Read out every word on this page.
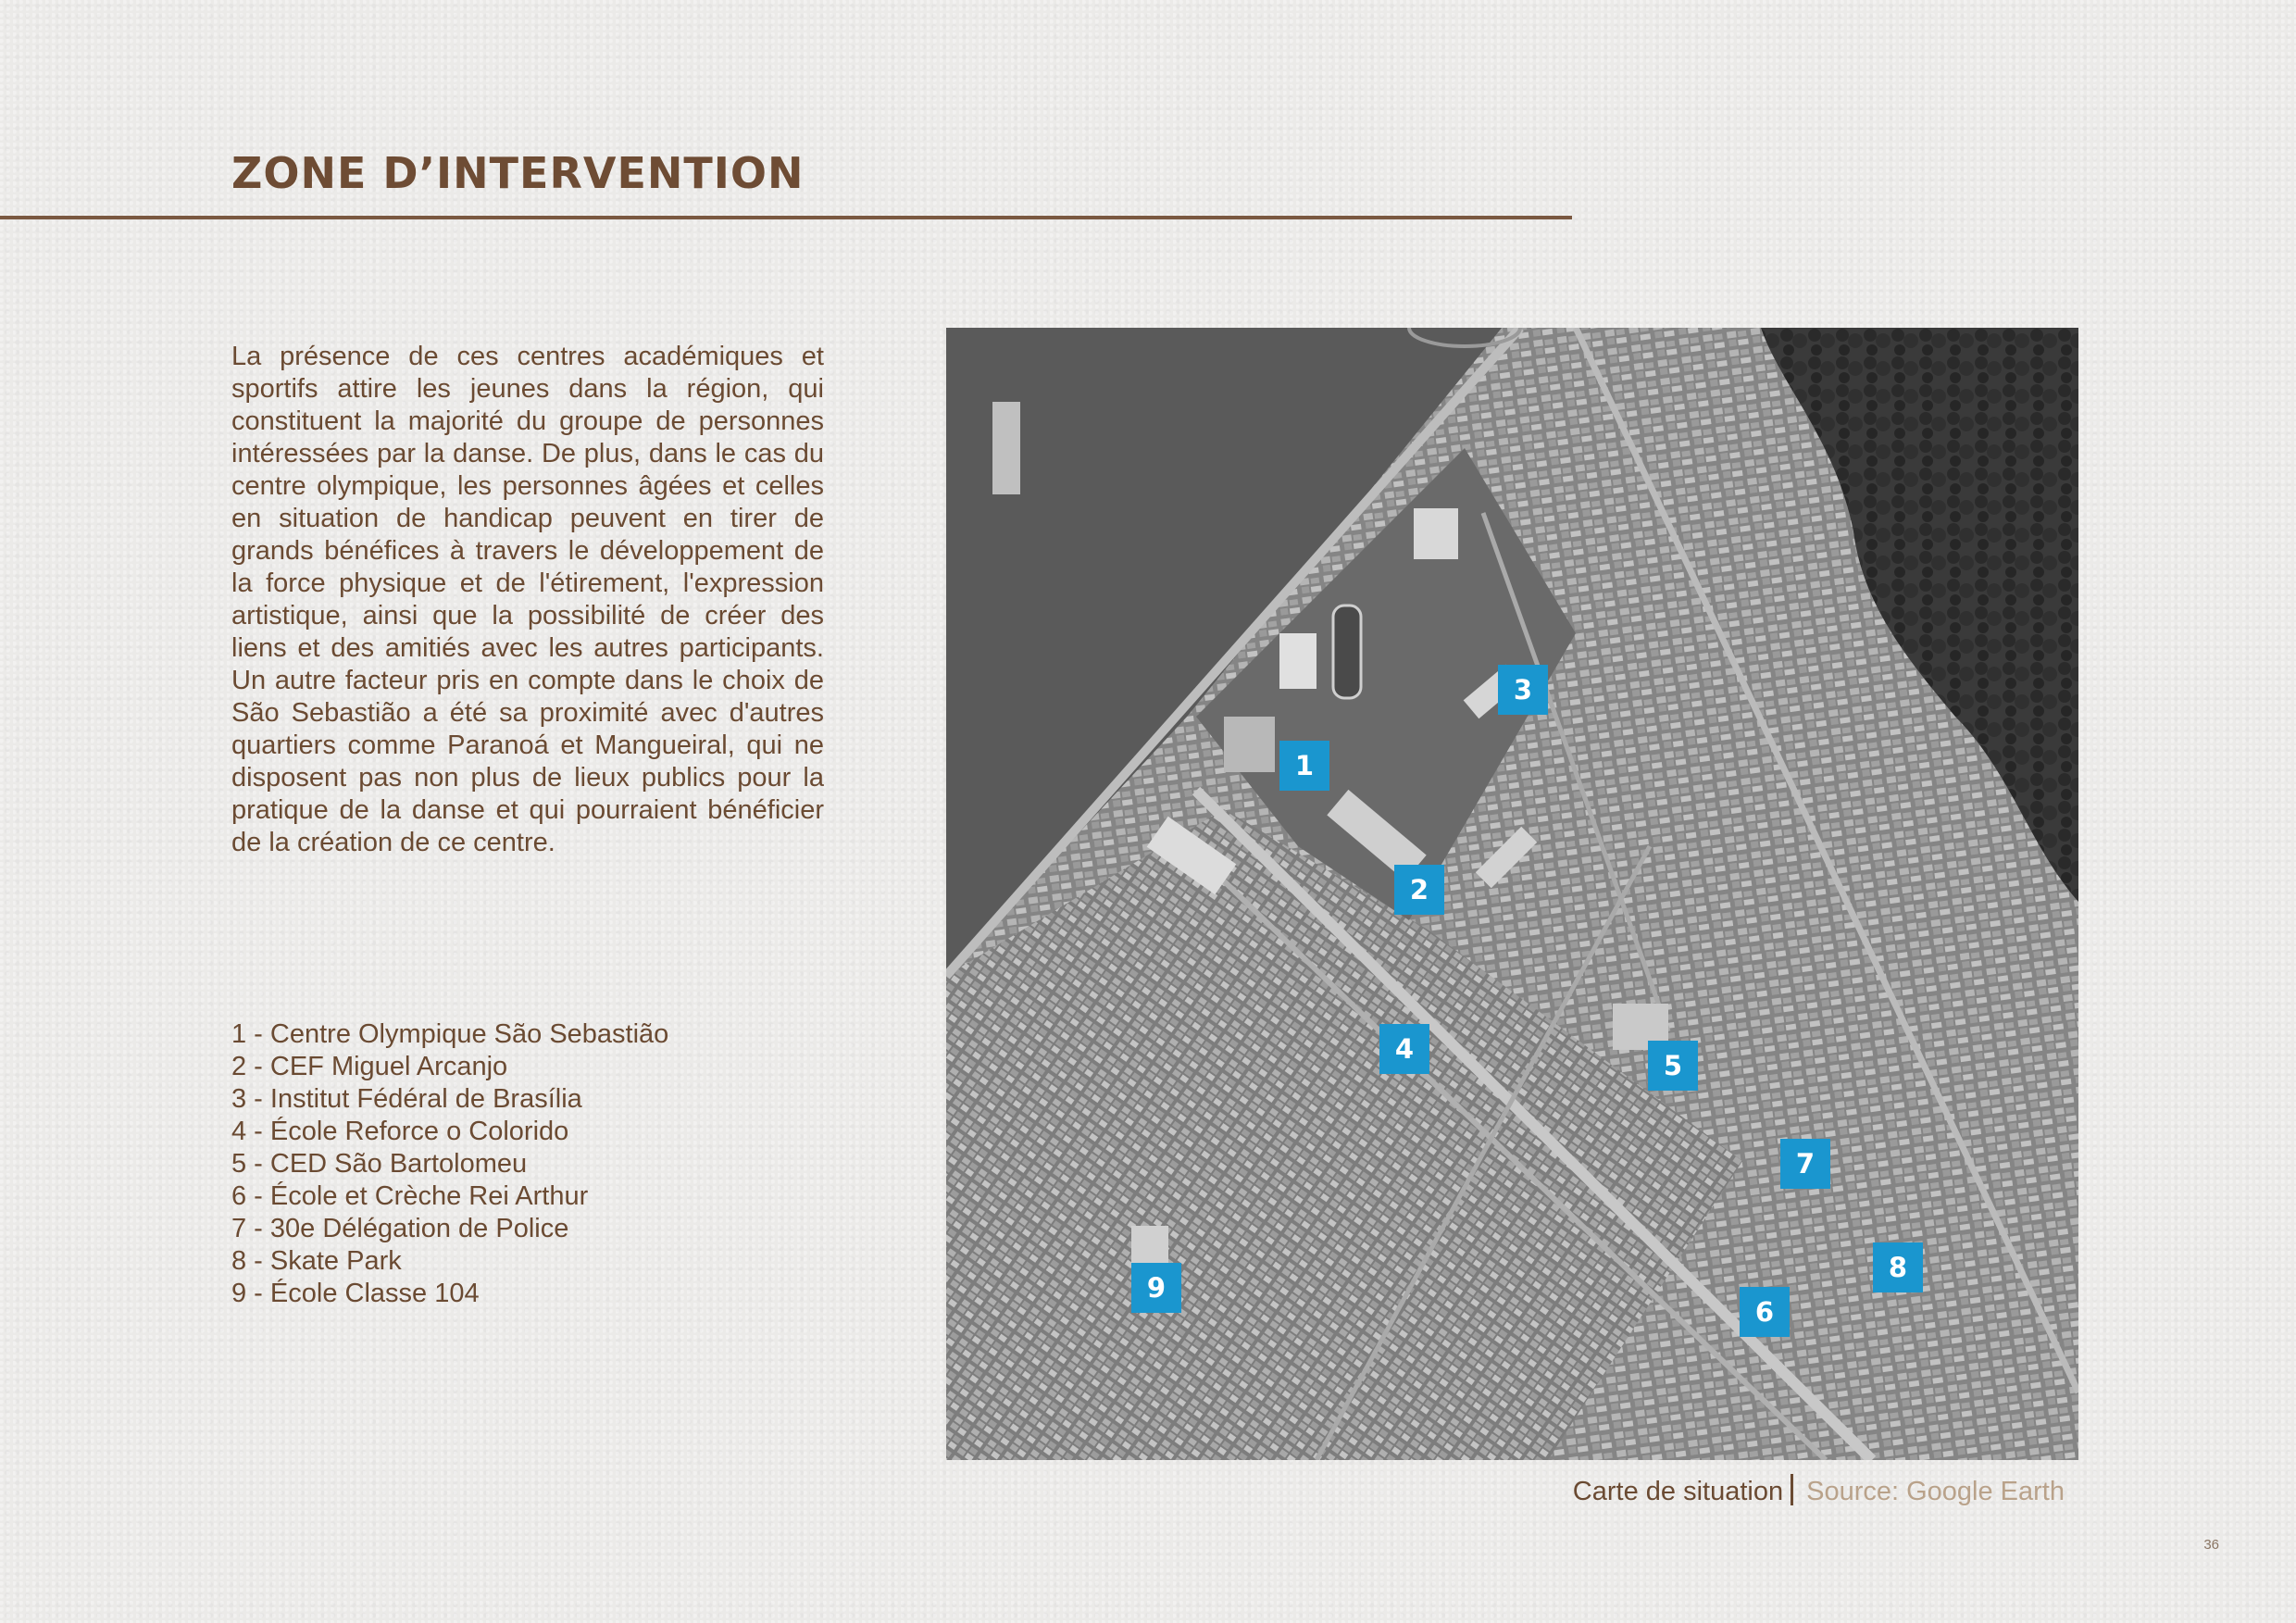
ZONE D’INTERVENTION

La présence de ces centres académiques et sportifs attire les jeunes dans la région, qui constituent la majorité du groupe de personnes intéressées par la danse. De plus, dans le cas du centre olympique, les personnes âgées et celles en situation de handicap peuvent en tirer de grands bénéfices à travers le développement de la force physique et de l'étirement, l'expression artistique, ainsi que la possibilité de créer des liens et des amitiés avec les autres participants. Un autre facteur pris en compte dans le choix de São Sebastião a été sa proximité avec d'autres quartiers comme Paranoá et Mangueiral, qui ne disposent pas non plus de lieux publics pour la pratique de la danse et qui pourraient bénéficier de la création de ce centre.

1 - Centre Olympique São Sebastião
2 - CEF Miguel Arcanjo
3 - Institut Fédéral de Brasília
4 - École Reforce o Colorido
5 - CED São Bartolomeu
6 - École et Crèche Rei Arthur
7 - 30e Délégation de Police
8 - Skate Park
9 - École Classe 104
1
2
3
4
5
6
7
8
9
Carte de situation Source: Google Earth
36
